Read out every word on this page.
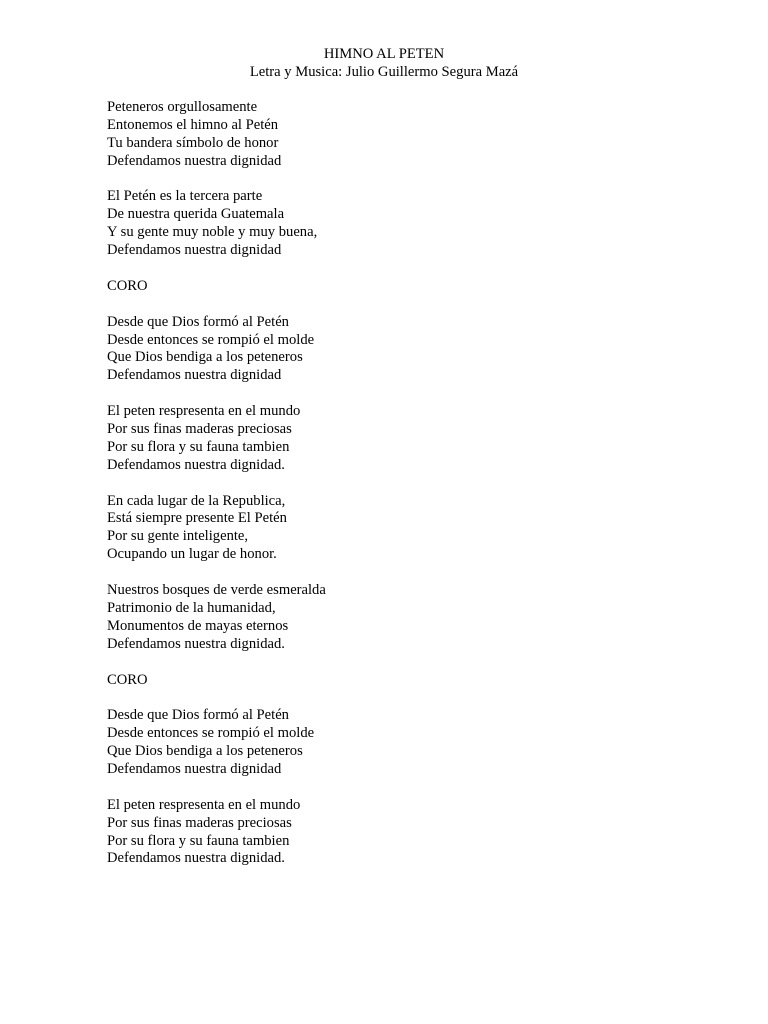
HIMNO AL PETEN
Letra y Musica: Julio Guillermo Segura Mazá
Peteneros orgullosamente
Entonemos el himno al Petén
Tu bandera símbolo de honor
Defendamos nuestra dignidad
El Petén es la tercera parte
De nuestra querida Guatemala
Y su gente muy noble y muy buena,
Defendamos nuestra dignidad
CORO
Desde que Dios formó al Petén
Desde entonces se rompió el molde
Que Dios bendiga a los peteneros
Defendamos nuestra dignidad
El peten respresenta en el mundo
Por sus finas maderas preciosas
Por su flora y su fauna tambien
Defendamos nuestra dignidad.
En cada lugar de la Republica,
Está siempre presente El Petén
Por su gente inteligente,
Ocupando un lugar de honor.
Nuestros bosques de verde esmeralda
Patrimonio de la humanidad,
Monumentos de mayas eternos
Defendamos nuestra dignidad.
CORO
Desde que Dios formó al Petén
Desde entonces se rompió el molde
Que Dios bendiga a los peteneros
Defendamos nuestra dignidad
El peten respresenta en el mundo
Por sus finas maderas preciosas
Por su flora y su fauna tambien
Defendamos nuestra dignidad.
